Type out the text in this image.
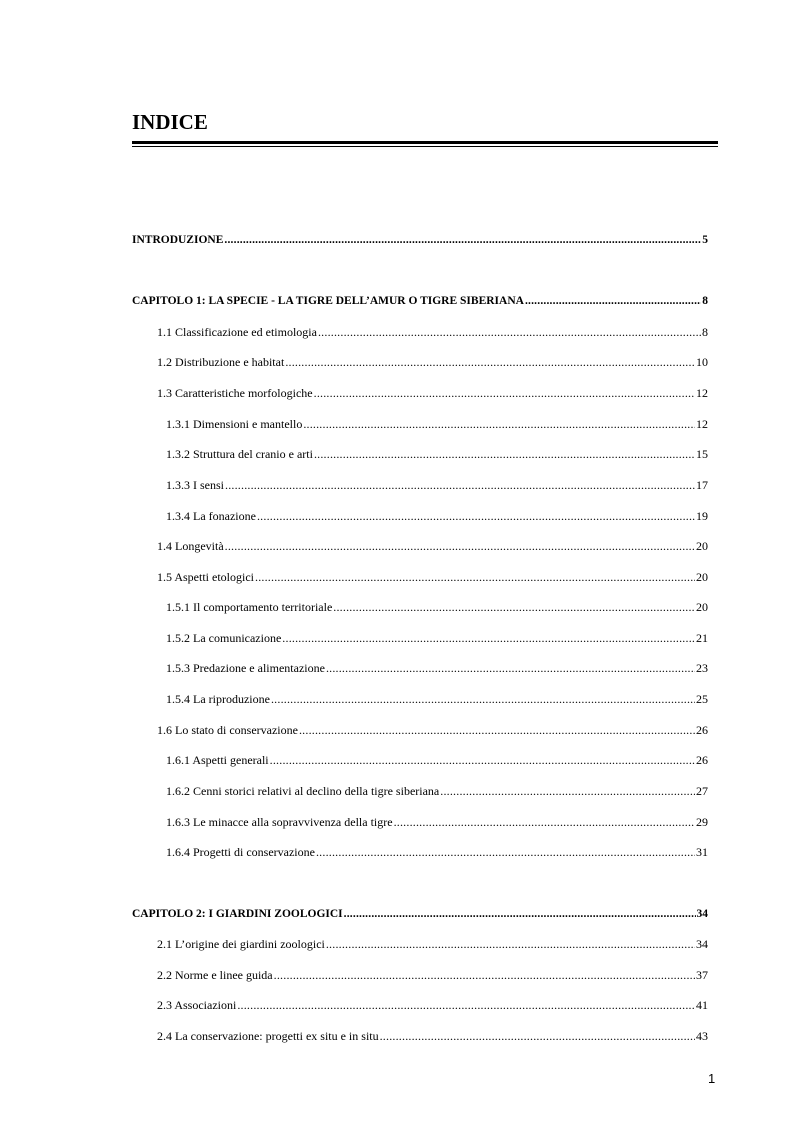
INDICE
INTRODUZIONE .....	5
CAPITOLO 1: LA SPECIE - LA TIGRE DELL’AMUR O TIGRE SIBERIANA .....	8
1.1 Classificazione ed etimologia .....	8
1.2 Distribuzione e habitat .....	10
1.3 Caratteristiche morfologiche .....	12
1.3.1 Dimensioni e mantello .....	12
1.3.2 Struttura del cranio e arti .....	15
1.3.3 I sensi .....	17
1.3.4 La fonazione .....	19
1.4 Longevità .....	20
1.5 Aspetti etologici .....	20
1.5.1 Il comportamento territoriale .....	20
1.5.2 La comunicazione .....	21
1.5.3 Predazione e alimentazione .....	23
1.5.4 La riproduzione .....	25
1.6 Lo stato di conservazione .....	26
1.6.1 Aspetti generali .....	26
1.6.2 Cenni storici relativi al declino della tigre siberiana .....	27
1.6.3 Le minacce alla sopravvivenza della tigre .....	29
1.6.4 Progetti di conservazione .....	31
CAPITOLO 2: I GIARDINI ZOOLOGICI .....	34
2.1 L’origine dei giardini zoologici .....	34
2.2 Norme e linee guida .....	37
2.3 Associazioni .....	41
2.4 La conservazione: progetti ex situ e in situ .....	43
1
